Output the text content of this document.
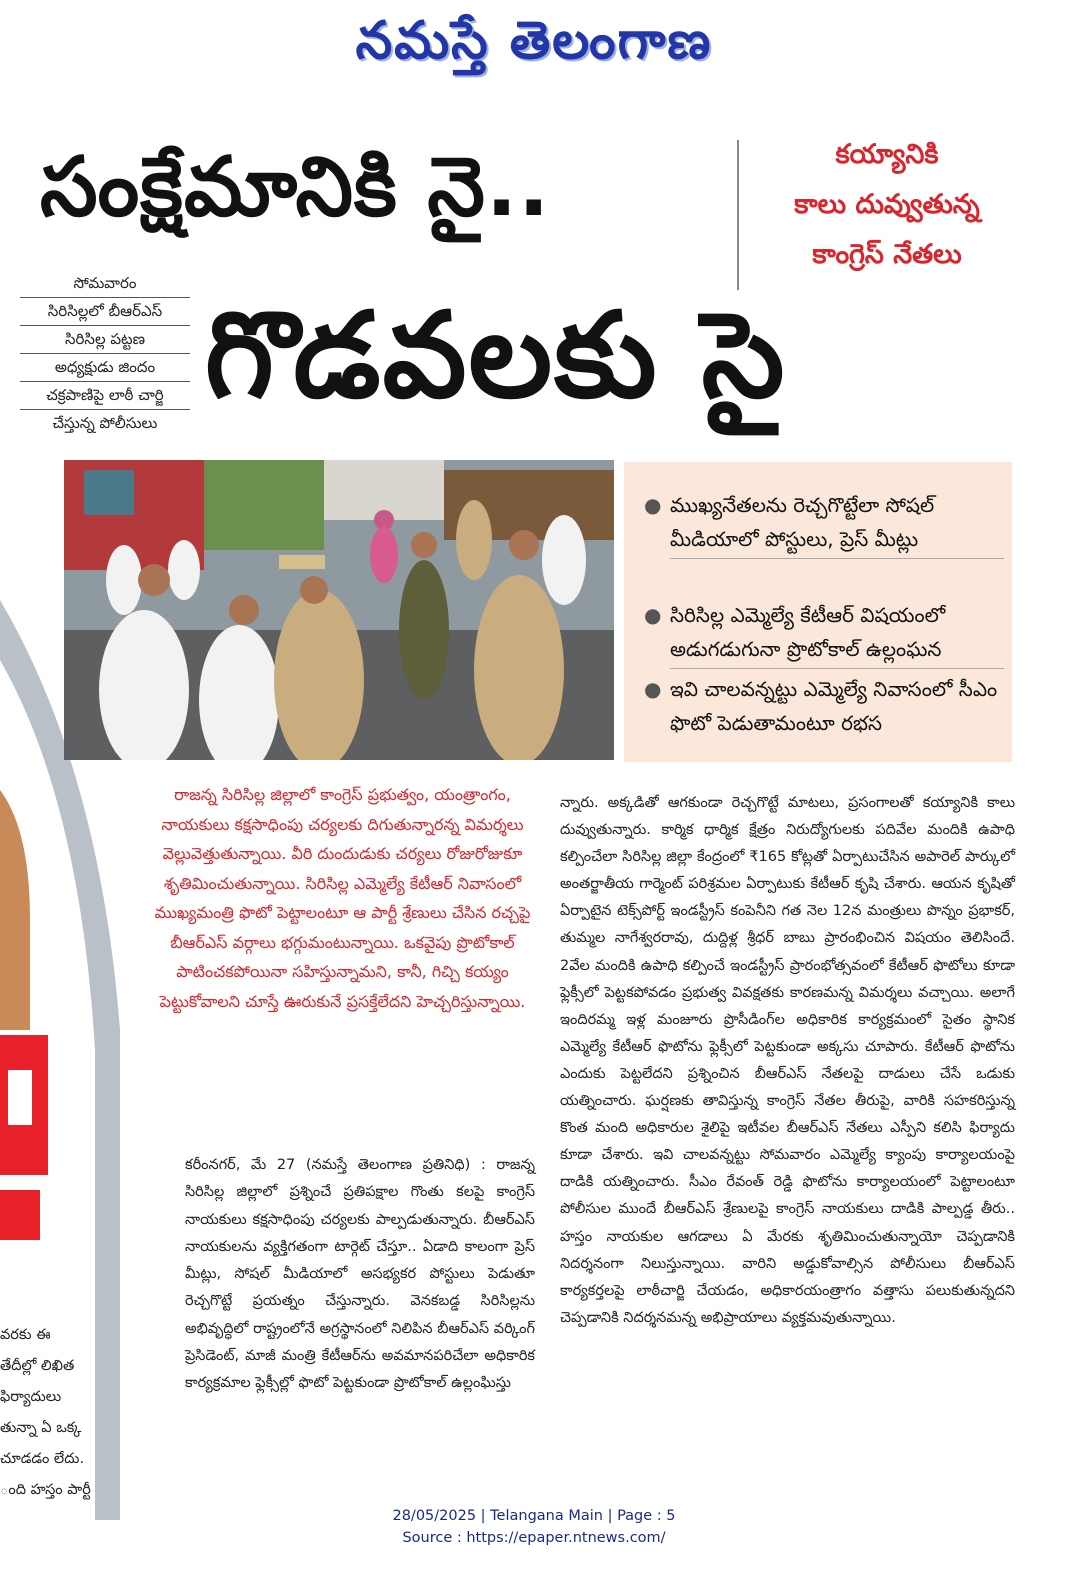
నమస్తే తెలంగాణ
సంక్షేమానికి నై..	కయ్యానికి
కాలు దువ్వుతున్న
కాంగ్రెస్ నేతలు
గొడవలకు సై
సోమవారం
సిరిసిల్లలో బీఆర్ఎస్
సిరిసిల్ల పట్టణ
అధ్యక్షుడు జిందం
చక్రపాణిపై లాఠీ చార్జి
చేస్తున్న పోలీసులు
● ముఖ్యనేతలను రెచ్చగొట్టేలా సోషల్ మీడియాలో పోస్టులు, ప్రెస్ మీట్లు
● సిరిసిల్ల ఎమ్మెల్యే కేటీఆర్ విషయంలో అడుగడుగునా ప్రొటోకాల్ ఉల్లంఘన
● ఇవి చాలవన్నట్టు ఎమ్మెల్యే నివాసంలో సీఎం ఫొటో పెడుతామంటూ రభస
రాజన్న సిరిసిల్ల జిల్లాలో కాంగ్రెస్ ప్రభుత్వం, యంత్రాంగం, నాయకులు కక్షసాధింపు చర్యలకు దిగుతున్నారన్న విమర్శలు వెల్లువెత్తుతున్నాయి. వీరి దుందుడుకు చర్యలు రోజురోజుకూ శృతిమించుతున్నాయి. సిరిసిల్ల ఎమ్మెల్యే కేటీఆర్ నివాసంలో ముఖ్యమంత్రి ఫొటో పెట్టాలంటూ ఆ పార్టీ శ్రేణులు చేసిన రచ్చపై బీఆర్ఎస్ వర్గాలు భగ్గుమంటున్నాయి. ఒకవైపు ప్రొటోకాల్ పాటించకపోయినా సహిస్తున్నామని, కానీ, గిచ్చి కయ్యం పెట్టుకోవాలని చూస్తే ఊరుకునే ప్రసక్తేలేదని హెచ్చరిస్తున్నాయి.
కరీంనగర్, మే 27 (నమస్తే తెలంగాణ ప్రతినిధి) : రాజన్న సిరిసిల్ల జిల్లాలో ప్రశ్నించే ప్రతిపక్షాల గొంతు కలపై కాంగ్రెస్ నాయకులు కక్షసాధింపు చర్యలకు పాల్పడుతున్నారు. బీఆర్ఎస్ నాయకులను వ్యక్తిగతంగా టార్గెట్ చేస్తూ.. ఏడాది కాలంగా ప్రెస్ మీట్లు, సోషల్ మీడియాలో అసభ్యకర పోస్టులు పెడుతూ రెచ్చగొట్టే ప్రయత్నం చేస్తున్నారు. వెనకబడ్డ సిరిసిల్లను అభివృద్ధిలో రాష్ట్రంలోనే అగ్రస్థానంలో నిలిపిన బీఆర్ఎస్ వర్కింగ్ ప్రెసిడెంట్, మాజీ మంత్రి కేటీఆర్‌ను అవమానపరిచేలా అధికారిక కార్యక్రమాల ఫ్లెక్సీల్లో ఫొటో పెట్టకుండా ప్రొటోకాల్ ఉల్లంఘిస్తు
న్నారు. అక్కడితో ఆగకుండా రెచ్చగొట్టే మాటలు, ప్రసంగాలతో కయ్యానికి కాలు దువ్వుతున్నారు. కార్మిక ధార్మిక క్షేత్రం నిరుద్యోగులకు పదివేల మందికి ఉపాధి కల్పించేలా సిరిసిల్ల జిల్లా కేంద్రంలో ₹165 కోట్లతో ఏర్పాటుచేసిన అపారెల్ పార్కులో అంతర్జాతీయ గార్మెంట్ పరిశ్రమల ఏర్పాటుకు కేటీఆర్ కృషి చేశారు. ఆయన కృషితో ఏర్పాటైన టెక్స్‌పోర్ట్ ఇండస్ట్రీస్ కంపెనీని గత నెల 12న మంత్రులు పొన్నం ప్రభాకర్, తుమ్మల నాగేశ్వరరావు, దుద్దిళ్ల శ్రీధర్ బాబు ప్రారంభించిన విషయం తెలిసిందే. 2వేల మందికి ఉపాధి కల్పించే ఇండస్ట్రీస్ ప్రారంభోత్సవంలో కేటీఆర్ ఫొటోలు కూడా ఫ్లెక్సీలో పెట్టకపోవడం ప్రభుత్వ వివక్షతకు కారణమన్న విమర్శలు వచ్చాయి. అలాగే ఇందిరమ్మ ఇళ్ల మంజూరు ప్రొసీడింగ్‌ల అధికారిక కార్యక్రమంలో సైతం స్థానిక ఎమ్మెల్యే కేటీఆర్ ఫొటోను ఫ్లెక్సీలో పెట్టకుండా అక్కసు చూపారు. కేటీఆర్ ఫొటోను ఎందుకు పెట్టలేదని ప్రశ్నించిన బీఆర్ఎస్ నేతలపై దాడులు చేసే ఒడుకు యత్నించారు. ఘర్షణకు తావిస్తున్న కాంగ్రెస్ నేతల తీరుపై, వారికి సహకరిస్తున్న కొంత మంది అధికారుల శైలిపై ఇటీవల బీఆర్ఎస్ నేతలు ఎస్పీని కలిసి ఫిర్యాదు కూడా చేశారు. ఇవి చాలవన్నట్టు సోమవారం ఎమ్మెల్యే క్యాంపు కార్యాలయంపై దాడికి యత్నించారు. సీఎం రేవంత్ రెడ్డి ఫొటోను కార్యాలయంలో పెట్టాలంటూ పోలీసుల ముందే బీఆర్ఎస్ శ్రేణులపై కాంగ్రెస్ నాయకులు దాడికి పాల్పడ్డ తీరు.. హస్తం నాయకుల ఆగడాలు ఏ మేరకు శృతిమించుతున్నాయో చెప్పడానికి నిదర్శనంగా నిలుస్తున్నాయి. వారిని అడ్డుకోవాల్సిన పోలీసులు బీఆర్ఎస్ కార్యకర్తలపై లాఠీచార్జి చేయడం, అధికారయంత్రాగం వత్తాసు పలుకుతున్నదని చెప్పడానికి నిదర్శనమన్న అభిప్రాయాలు వ్యక్తమవుతున్నాయి.
వరకు ఈ
తేదీల్లో లిఖిత
ఫిర్యాదులు
తున్నా ఏ ఒక్క
చూడడం లేదు.
ంది హస్తం పార్టీ
28/05/2025 | Telangana Main | Page : 5
Source : https://epaper.ntnews.com/
